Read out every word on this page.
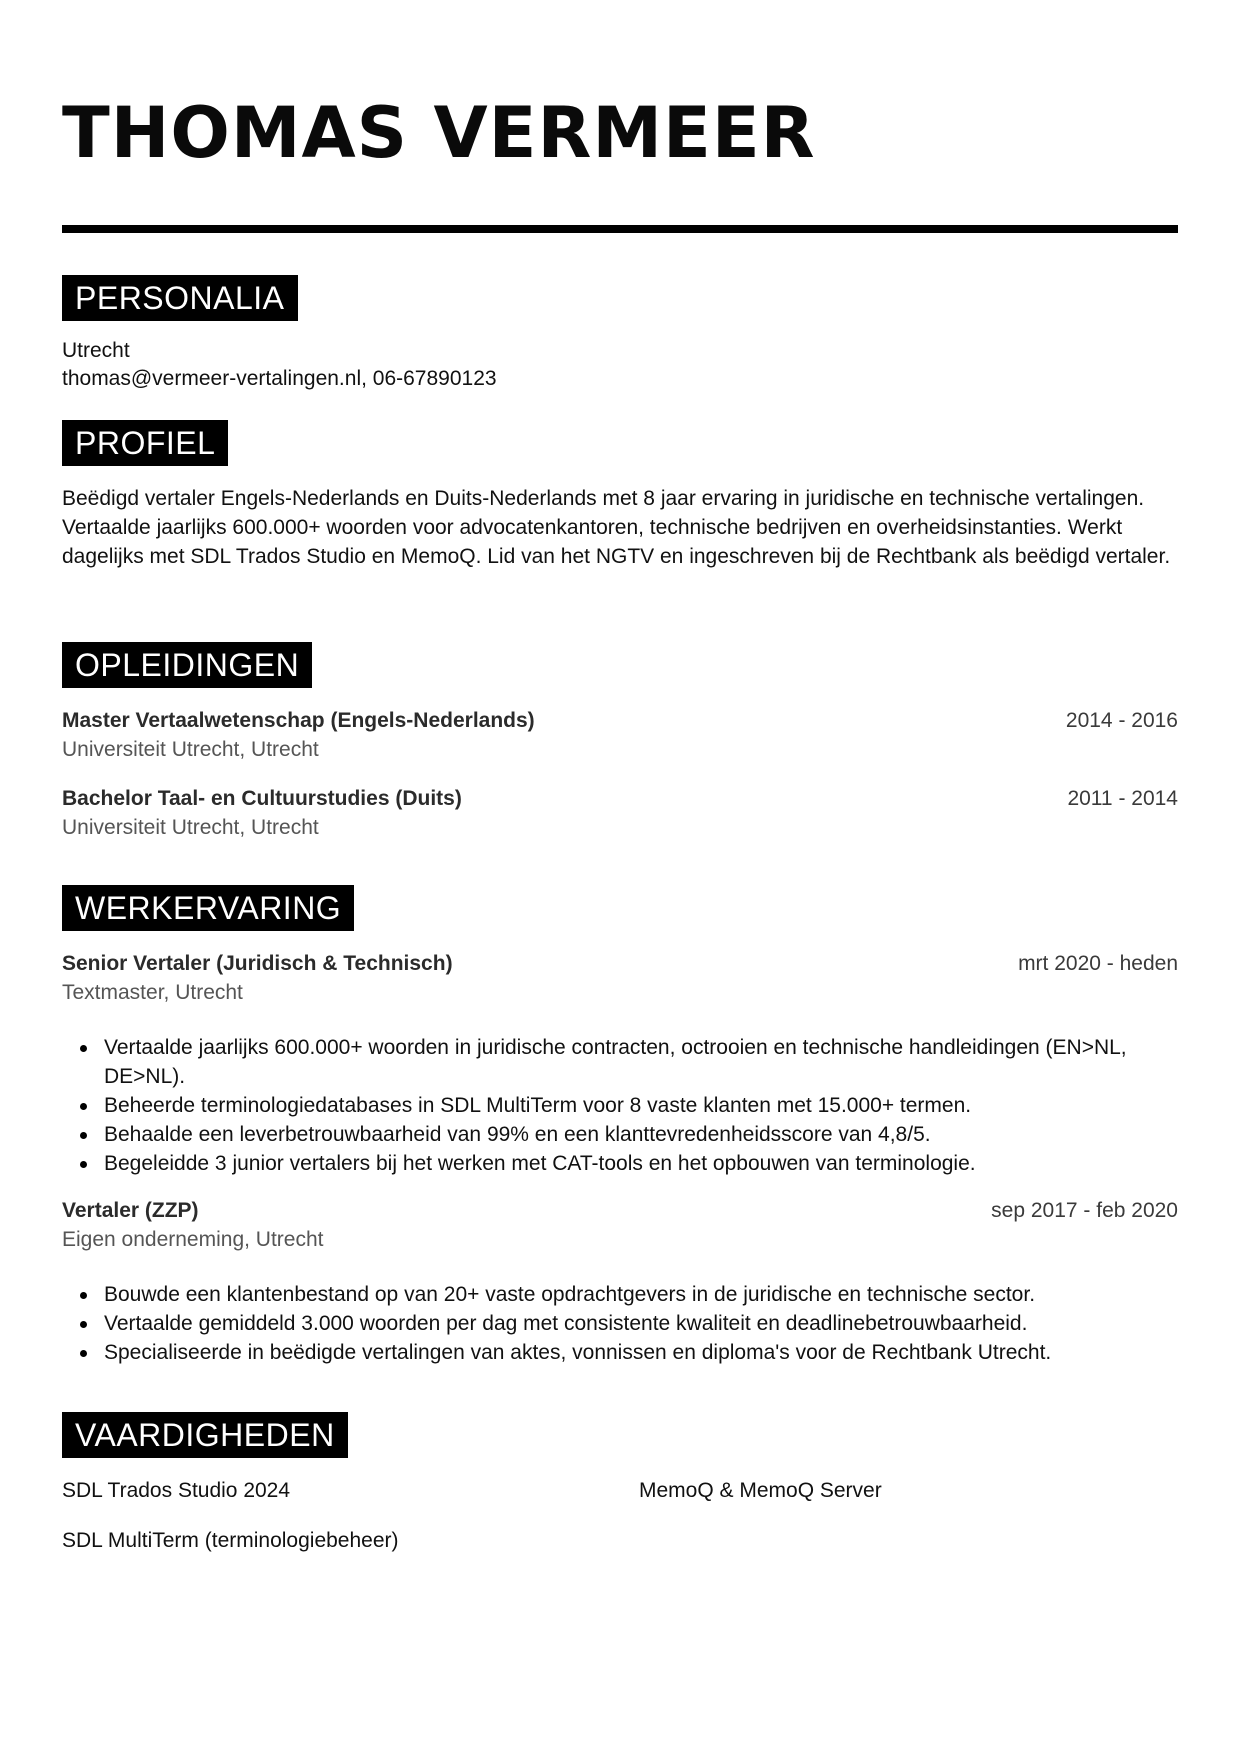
THOMAS VERMEER
PERSONALIA
Utrecht
thomas@vermeer-vertalingen.nl, 06-67890123
PROFIEL
Beëdigd vertaler Engels-Nederlands en Duits-Nederlands met 8 jaar ervaring in juridische en technische vertalingen. Vertaalde jaarlijks 600.000+ woorden voor advocatenkantoren, technische bedrijven en overheidsinstanties. Werkt dagelijks met SDL Trados Studio en MemoQ. Lid van het NGTV en ingeschreven bij de Rechtbank als beëdigd vertaler.
OPLEIDINGEN
Master Vertaalwetenschap (Engels-Nederlands)	2014 - 2016
Universiteit Utrecht, Utrecht
Bachelor Taal- en Cultuurstudies (Duits)	2011 - 2014
Universiteit Utrecht, Utrecht
WERKERVARING
Senior Vertaler (Juridisch & Technisch)	mrt 2020 - heden
Textmaster, Utrecht
Vertaalde jaarlijks 600.000+ woorden in juridische contracten, octrooien en technische handleidingen (EN>NL, DE>NL).
Beheerde terminologiedatabases in SDL MultiTerm voor 8 vaste klanten met 15.000+ termen.
Behaalde een leverbetrouwbaarheid van 99% en een klanttevredenheidsscore van 4,8/5.
Begeleidde 3 junior vertalers bij het werken met CAT-tools en het opbouwen van terminologie.
Vertaler (ZZP)	sep 2017 - feb 2020
Eigen onderneming, Utrecht
Bouwde een klantenbestand op van 20+ vaste opdrachtgevers in de juridische en technische sector.
Vertaalde gemiddeld 3.000 woorden per dag met consistente kwaliteit en deadlinebetrouwbaarheid.
Specialiseerde in beëdigde vertalingen van aktes, vonnissen en diploma's voor de Rechtbank Utrecht.
VAARDIGHEDEN
SDL Trados Studio 2024	MemoQ & MemoQ Server
SDL MultiTerm (terminologiebeheer)
